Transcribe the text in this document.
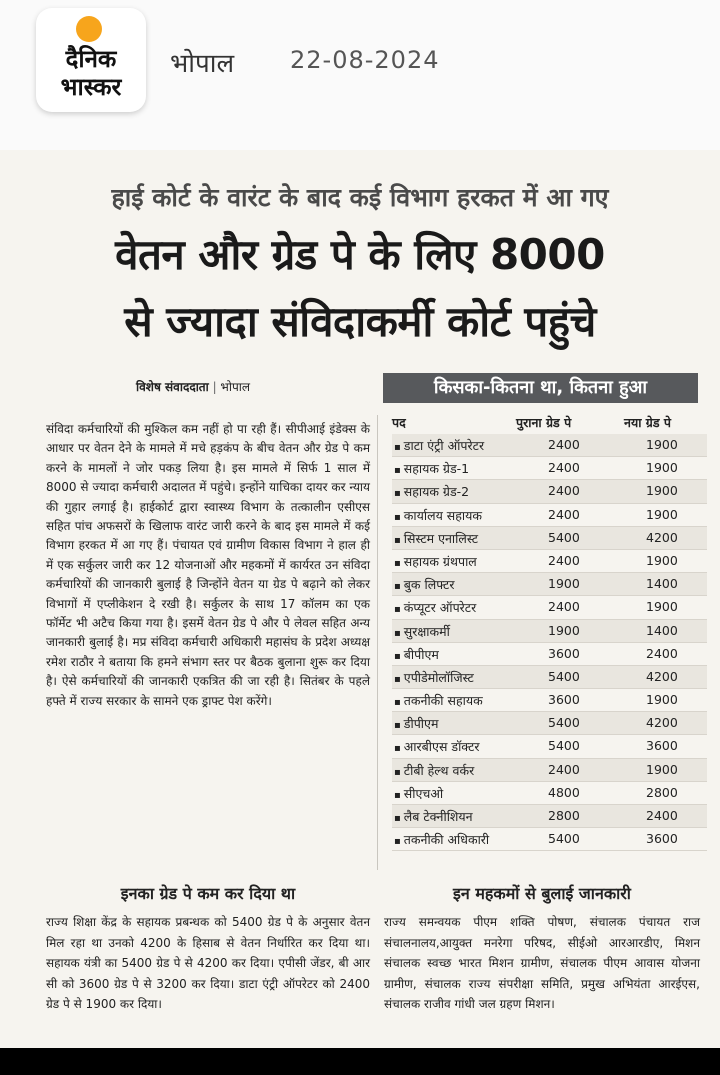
दैनिक
भास्कर
भोपाल 22-08-2024
हाई कोर्ट के वारंट के बाद कई विभाग हरकत में आ गए
वेतन और ग्रेड पे के लिए 8000
से ज्यादा संविदाकर्मी कोर्ट पहुंचे
विशेष संवाददाता | भोपाल	किसका-कितना था, कितना हुआ
संविदा कर्मचारियों की मुश्किल कम नहीं हो पा रही हैं। सीपीआई इंडेक्स के आधार पर वेतन देने के मामले में मचे हड़कंप के बीच वेतन और ग्रेड पे कम करने के मामलों ने जोर पकड़ लिया है। इस मामले में सिर्फ 1 साल में 8000 से ज्यादा कर्मचारी अदालत में पहुंचे। इन्होंने याचिका दायर कर न्याय की गुहार लगाई है। हाईकोर्ट द्वारा स्वास्थ्य विभाग के तत्कालीन एसीएस सहित पांच अफसरों के खिलाफ वारंट जारी करने के बाद इस मामले में कई विभाग हरकत में आ गए हैं। पंचायत एवं ग्रामीण विकास विभाग ने हाल ही में एक सर्कुलर जारी कर 12 योजनाओं और महकमों में कार्यरत उन संविदा कर्मचारियों की जानकारी बुलाई है जिन्होंने वेतन या ग्रेड पे बढ़ाने को लेकर विभागों में एप्लीकेशन दे रखी है। सर्कुलर के साथ 17 कॉलम का एक फॉर्मेट भी अटैच किया गया है। इसमें वेतन ग्रेड पे और पे लेवल सहित अन्य जानकारी बुलाई है। मप्र संविदा कर्मचारी अधिकारी महासंघ के प्रदेश अध्यक्ष रमेश राठौर ने बताया कि हमने संभाग स्तर पर बैठक बुलाना शुरू कर दिया है। ऐसे कर्मचारियों की जानकारी एकत्रित की जा रही है। सितंबर के पहले हफ्ते में राज्य सरकार के सामने एक ड्राफ्ट पेश करेंगे।
पद	पुराना ग्रेड पे	नया ग्रेड पे
▪ डाटा एंट्री ऑपरेटर	2400	1900
▪ सहायक ग्रेड-1	2400	1900
▪ सहायक ग्रेड-2	2400	1900
▪ कार्यालय सहायक	2400	1900
▪ सिस्टम एनालिस्ट	5400	4200
▪ सहायक ग्रंथपाल	2400	1900
▪ बुक लिफ्टर	1900	1400
▪ कंप्यूटर ऑपरेटर	2400	1900
▪ सुरक्षाकर्मी	1900	1400
▪ बीपीएम	3600	2400
▪ एपीडेमोलॉजिस्ट	5400	4200
▪ तकनीकी सहायक	3600	1900
▪ डीपीएम	5400	4200
▪ आरबीएस डॉक्टर	5400	3600
▪ टीबी हेल्थ वर्कर	2400	1900
▪ सीएचओ	4800	2800
▪ लैब टेक्नीशियन	2800	2400
▪ तकनीकी अधिकारी	5400	3600
इनका ग्रेड पे कम कर दिया था	इन महकमों से बुलाई जानकारी
राज्य शिक्षा केंद्र के सहायक प्रबन्धक को 5400 ग्रेड पे के अनुसार वेतन मिल रहा था उनको 4200 के हिसाब से वेतन निर्धारित कर दिया था। सहायक यंत्री का 5400 ग्रेड पे से 4200 कर दिया। एपीसी जेंडर, बी आर सी को 3600 ग्रेड पे से 3200 कर दिया। डाटा एंट्री ऑपरेटर को 2400 ग्रेड पे से 1900 कर दिया।
राज्य समन्वयक पीएम शक्ति पोषण, संचालक पंचायत राज संचालनालय,आयुक्त मनरेगा परिषद, सीईओ आरआरडीए, मिशन संचालक स्वच्छ भारत मिशन ग्रामीण, संचालक पीएम आवास योजना ग्रामीण, संचालक राज्य संपरीक्षा समिति, प्रमुख अभियंता आरईएस, संचालक राजीव गांधी जल ग्रहण मिशन।
